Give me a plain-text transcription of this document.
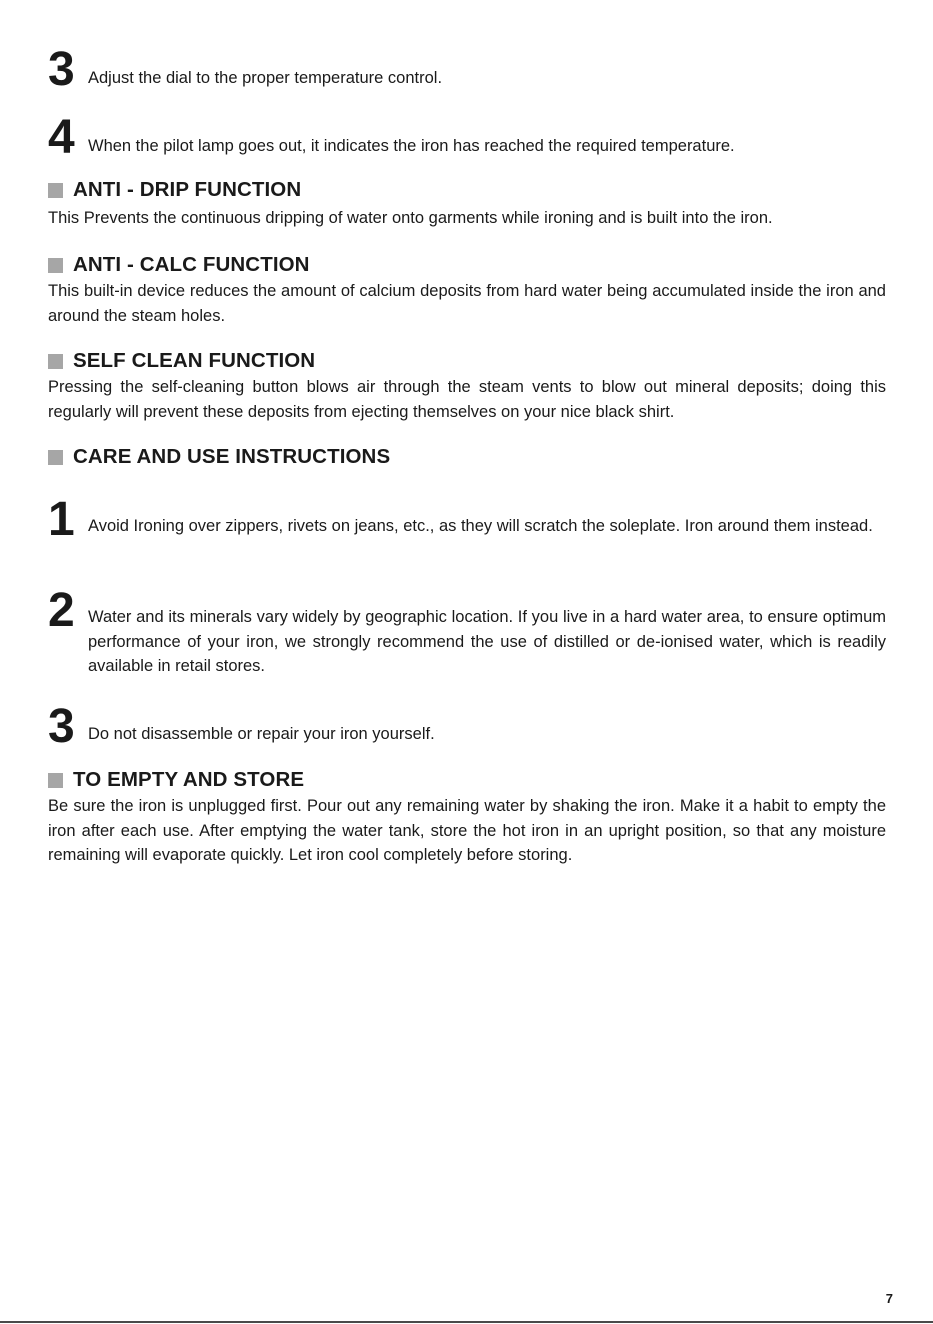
3 Adjust the dial to the proper temperature control.
4 When the pilot lamp goes out, it indicates the iron has reached the required temperature.
ANTI - DRIP FUNCTION
This Prevents the continuous dripping of water onto garments while ironing and is built into the iron.
ANTI - CALC FUNCTION
This built-in device reduces the amount of calcium deposits from hard water being accumulated inside the iron and around the steam holes.
SELF CLEAN FUNCTION
Pressing the self-cleaning button blows air through the steam vents to blow out mineral deposits; doing this regularly will prevent these deposits from ejecting themselves on your nice black shirt.
CARE AND USE INSTRUCTIONS
1 Avoid Ironing over zippers, rivets on jeans, etc., as they will scratch the soleplate. Iron around them instead.
2 Water and its minerals vary widely by geographic location. If you live in a hard water area, to ensure optimum performance of your iron, we strongly recommend the use of distilled or de-ionised water, which is readily available in retail stores.
3 Do not disassemble or repair your iron yourself.
TO EMPTY AND STORE
Be sure the iron is unplugged first. Pour out any remaining water by shaking the iron. Make it a habit to empty the iron after each use. After emptying the water tank, store the hot iron in an upright position, so that any moisture remaining will evaporate quickly. Let iron cool completely before storing.
7
